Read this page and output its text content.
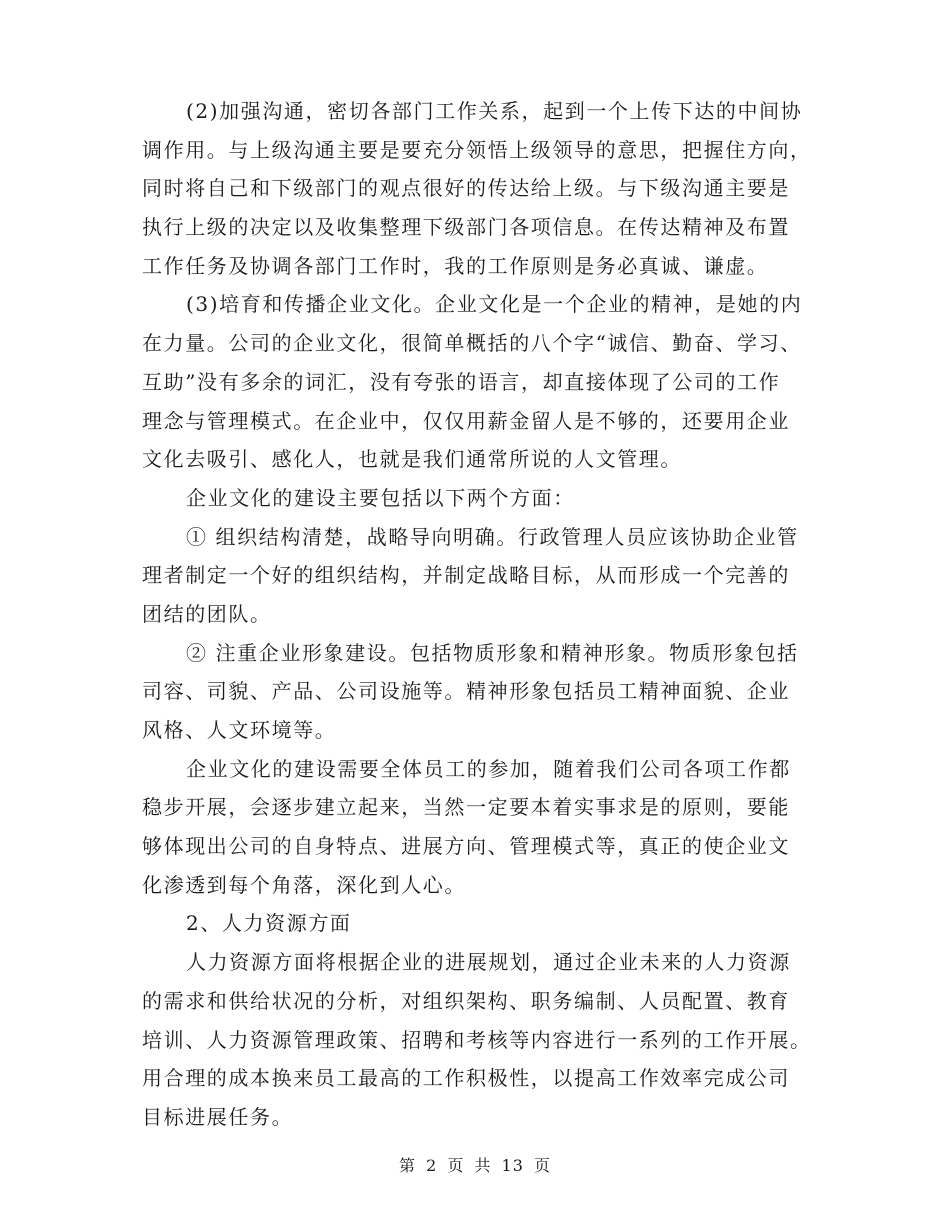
(2)加强沟通，密切各部门工作关系，起到一个上传下达的中间协
调作用。与上级沟通主要是要充分领悟上级领导的意思，把握住方向，
同时将自己和下级部门的观点很好的传达给上级。与下级沟通主要是
执行上级的决定以及收集整理下级部门各项信息。在传达精神及布置
工作任务及协调各部门工作时，我的工作原则是务必真诚、谦虚。
(3)培育和传播企业文化。企业文化是一个企业的精神，是她的内
在力量。公司的企业文化，很简单概括的八个字“诚信、勤奋、学习、
互助”没有多余的词汇，没有夸张的语言，却直接体现了公司的工作
理念与管理模式。在企业中，仅仅用薪金留人是不够的，还要用企业
文化去吸引、感化人，也就是我们通常所说的人文管理。
企业文化的建设主要包括以下两个方面：
① 组织结构清楚，战略导向明确。行政管理人员应该协助企业管
理者制定一个好的组织结构，并制定战略目标，从而形成一个完善的
团结的团队。
② 注重企业形象建设。包括物质形象和精神形象。物质形象包括
司容、司貌、产品、公司设施等。精神形象包括员工精神面貌、企业
风格、人文环境等。
企业文化的建设需要全体员工的参加，随着我们公司各项工作都
稳步开展，会逐步建立起来，当然一定要本着实事求是的原则，要能
够体现出公司的自身特点、进展方向、管理模式等，真正的使企业文
化渗透到每个角落，深化到人心。
2、人力资源方面
人力资源方面将根据企业的进展规划，通过企业未来的人力资源
的需求和供给状况的分析，对组织架构、职务编制、人员配置、教育
培训、人力资源管理政策、招聘和考核等内容进行一系列的工作开展。
用合理的成本换来员工最高的工作积极性，以提高工作效率完成公司
目标进展任务。
第 2 页 共 13 页
